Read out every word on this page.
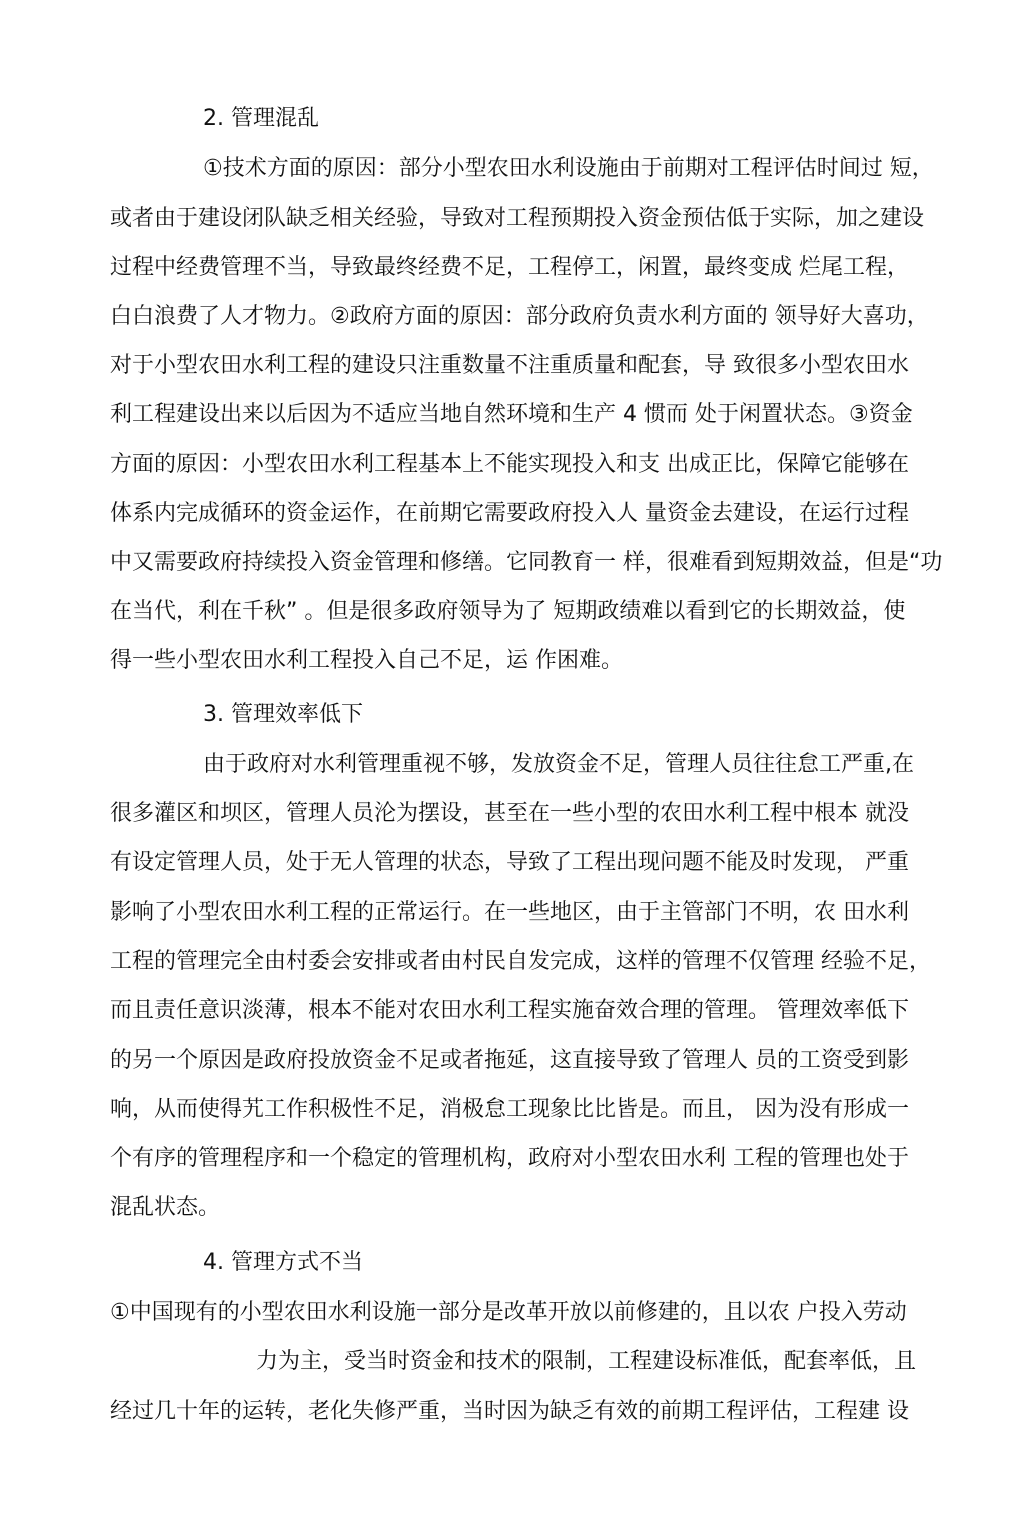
2. 管理混乱
①技术方面的原因：部分小型农田水利设施由于前期对工程评估时间过 短，
或者由于建设闭队缺乏相关经验，导致对工程预期投入资金预估低于实际，加之建设
过程中经费管理不当，导致最终经费不足，工程停工，闲置，最终变成 烂尾工程，
白白浪费了人才物力。②政府方面的原因：部分政府负责水利方面的 领导好大喜功，
对于小型农田水利工程的建设只注重数量不注重质量和配套，导 致很多小型农田水
利工程建设出来以后因为不适应当地自然环境和生产 4 惯而 处于闲置状态。③资金
方面的原因：小型农田水利工程基本上不能实现投入和支 出成正比，保障它能够在
体系内完成循环的资金运作，在前期它需要政府投入人 量资金去建设，在运行过程
中又需要政府持续投入资金管理和修缮。它同教育一 样，很难看到短期效益，但是“功
在当代，利在千秋” 。但是很多政府领导为了 短期政绩难以看到它的长期效益，使
得一些小型农田水利工程投入自己不足，运 作困难。
3. 管理效率低下
由于政府对水利管理重视不够，发放资金不足，管理人员往往怠工严重,在
很多灌区和坝区，管理人员沦为摆设，甚至在一些小型的农田水利工程中根本 就没
有设定管理人员，处于无人管理的状态，导致了工程出现问题不能及时发现， 严重
影响了小型农田水利工程的正常运行。在一些地区，由于主管部门不明，农 田水利
工程的管理完全由村委会安排或者由村民自发完成，这样的管理不仅管理 经验不足，
而且责任意识淡薄，根本不能对农田水利工程实施奋效合理的管理。 管理效率低下
的另一个原因是政府投放资金不足或者拖延，这直接导致了管理人 员的工资受到影
响，从而使得艽工作积极性不足，消极怠工现象比比皆是。而且， 因为没有形成一
个有序的管理程序和一个稳定的管理机构，政府对小型农田水利 工程的管理也处于
混乱状态。
4. 管理方式不当
①中国现有的小型农田水利设施一部分是改革开放以前修建的，且以农 户投入劳动
力为主，受当时资金和技术的限制，工程建设标准低，配套率低，且
经过几十年的运转，老化失修严重，当时因为缺乏有效的前期工程评估，工程建 设
